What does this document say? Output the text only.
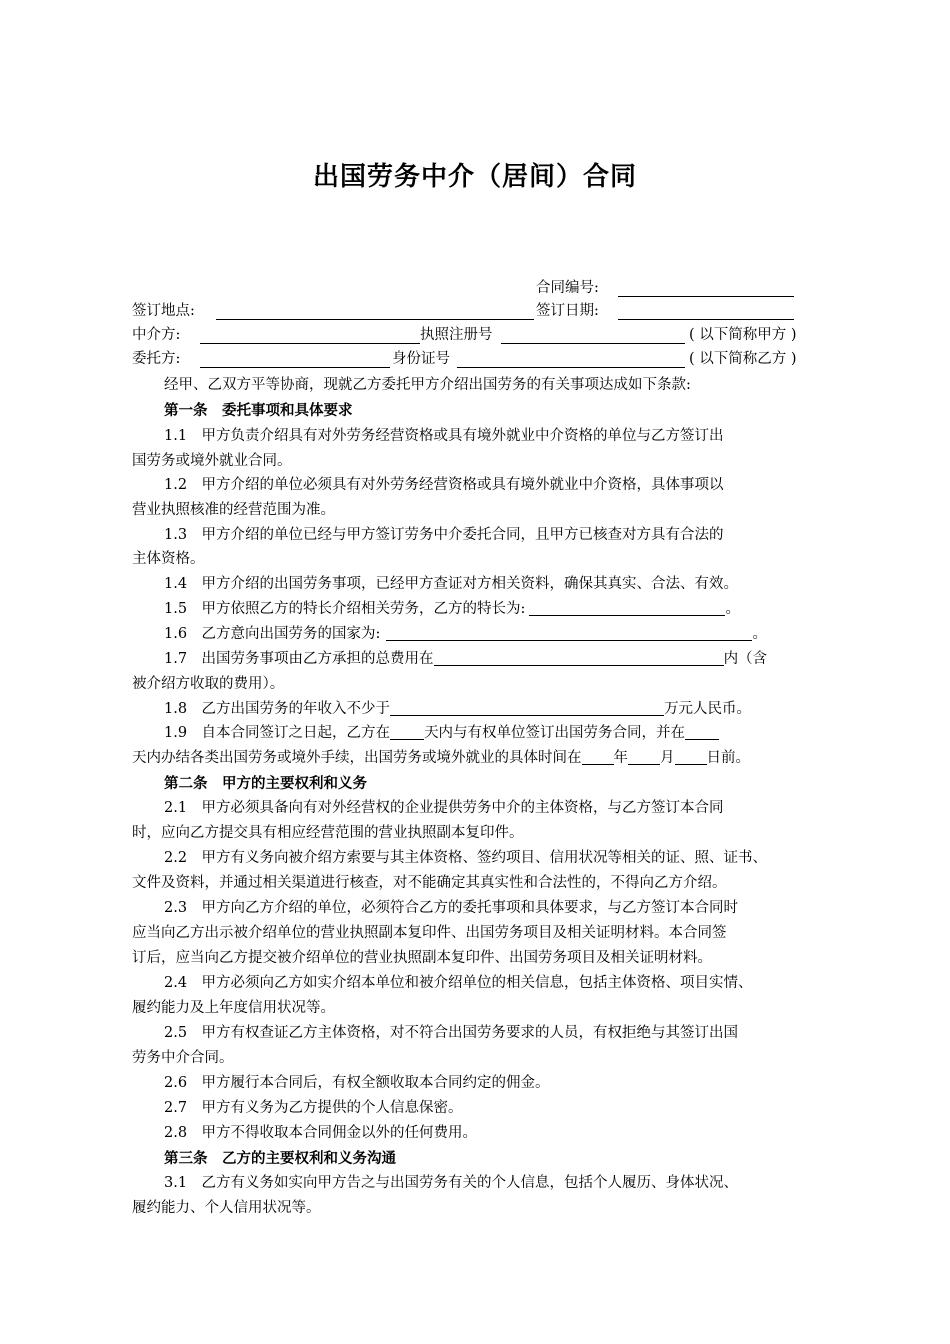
出国劳务中介（居间）合同
合同编号:
签订地点:	签订日期:
中介方:	执照注册号	( 以下简称甲方 )
委托方:	身份证号	( 以下简称乙方 )
经甲、乙双方平等协商，现就乙方委托甲方介绍出国劳务的有关事项达成如下条款:
第一条　委托事项和具体要求
1.1　甲方负责介绍具有对外劳务经营资格或具有境外就业中介资格的单位与乙方签订出
国劳务或境外就业合同。
1.2　甲方介绍的单位必须具有对外劳务经营资格或具有境外就业中介资格，具体事项以
营业执照核准的经营范围为准。
1.3　甲方介绍的单位已经与甲方签订劳务中介委托合同，且甲方已核查对方具有合法的
主体资格。
1.4　甲方介绍的出国劳务事项，已经甲方查证对方相关资料，确保其真实、合法、有效。
1.5　甲方依照乙方的特长介绍相关劳务，乙方的特长为:	。
1.6　乙方意向出国劳务的国家为:	。
1.7　出国劳务事项由乙方承担的总费用在	内（含
被介绍方收取的费用）。
1.8　乙方出国劳务的年收入不少于	万元人民币。
1.9　自本合同签订之日起，乙方在 天内与有权单位签订出国劳务合同，并在
天内办结各类出国劳务或境外手续，出国劳务或境外就业的具体时间在 年 月 日前。
第二条　甲方的主要权利和义务
2.1　甲方必须具备向有对外经营权的企业提供劳务中介的主体资格，与乙方签订本合同
时，应向乙方提交具有相应经营范围的营业执照副本复印件。
2.2　甲方有义务向被介绍方索要与其主体资格、签约项目、信用状况等相关的证、照、证书、
文件及资料，并通过相关渠道进行核查，对不能确定其真实性和合法性的，不得向乙方介绍。
2.3　甲方向乙方介绍的单位，必须符合乙方的委托事项和具体要求，与乙方签订本合同时
应当向乙方出示被介绍单位的营业执照副本复印件、出国劳务项目及相关证明材料。本合同签
订后，应当向乙方提交被介绍单位的营业执照副本复印件、出国劳务项目及相关证明材料。
2.4　甲方必须向乙方如实介绍本单位和被介绍单位的相关信息，包括主体资格、项目实情、
履约能力及上年度信用状况等。
2.5　甲方有权查证乙方主体资格，对不符合出国劳务要求的人员，有权拒绝与其签订出国
劳务中介合同。
2.6　甲方履行本合同后，有权全额收取本合同约定的佣金。
2.7　甲方有义务为乙方提供的个人信息保密。
2.8　甲方不得收取本合同佣金以外的任何费用。
第三条　乙方的主要权利和义务沟通
3.1　乙方有义务如实向甲方告之与出国劳务有关的个人信息，包括个人履历、身体状况、
履约能力、个人信用状况等。
